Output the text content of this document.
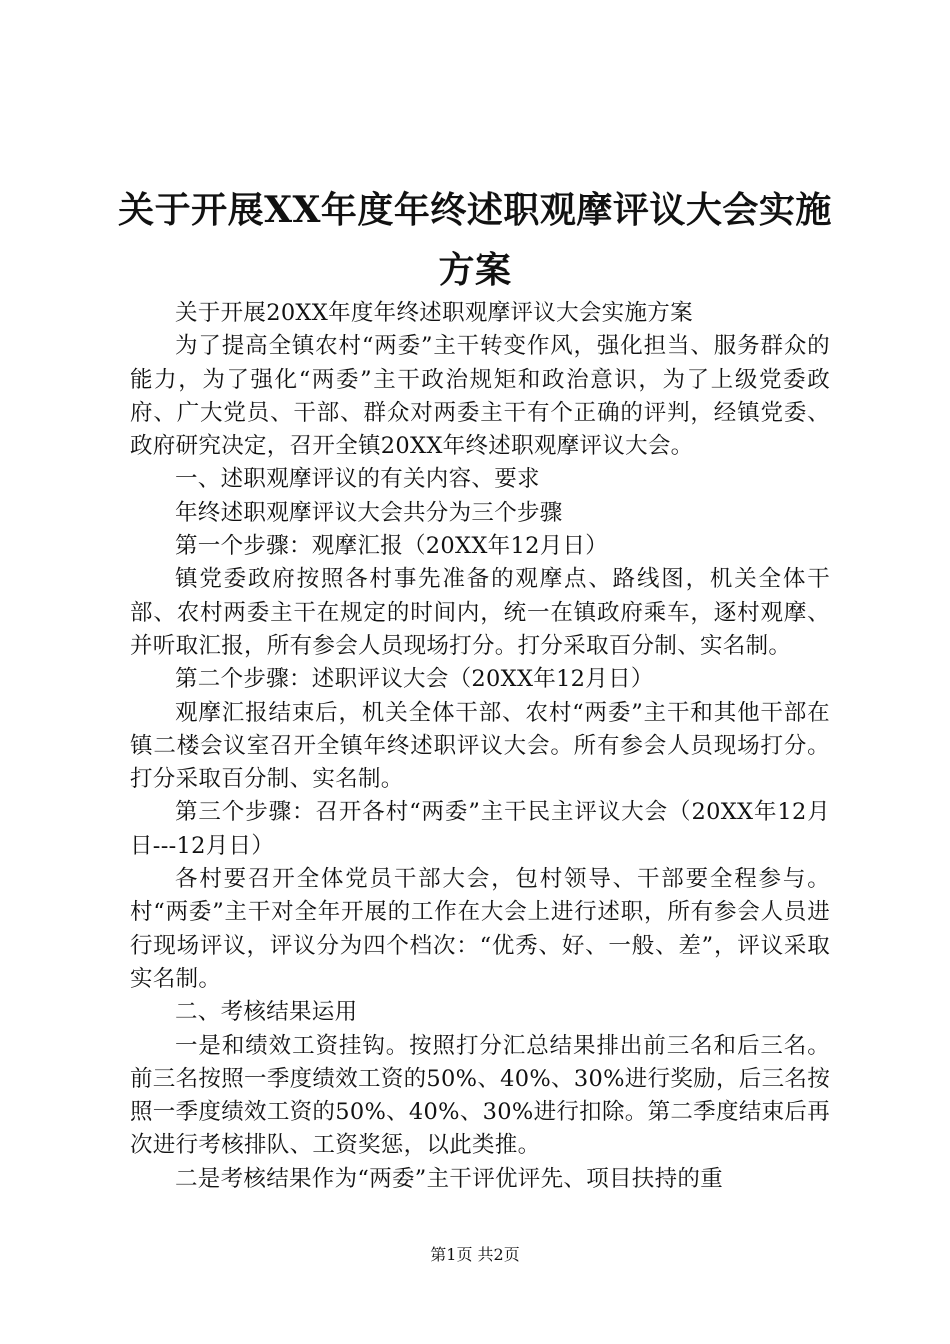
关于开展XX年度年终述职观摩评议大会实施方案

关于开展20XX年度年终述职观摩评议大会实施方案

为了提高全镇农村“两委”主干转变作风，强化担当、服务群众的能力，为了强化“两委”主干政治规矩和政治意识，为了上级党委政府、广大党员、干部、群众对两委主干有个正确的评判，经镇党委、政府研究决定，召开全镇20XX年终述职观摩评议大会。

一、述职观摩评议的有关内容、要求

年终述职观摩评议大会共分为三个步骤

第一个步骤：观摩汇报（20XX年12月日）

镇党委政府按照各村事先准备的观摩点、路线图，机关全体干部、农村两委主干在规定的时间内，统一在镇政府乘车，逐村观摩、并听取汇报，所有参会人员现场打分。打分采取百分制、实名制。

第二个步骤：述职评议大会（20XX年12月日）

观摩汇报结束后，机关全体干部、农村“两委”主干和其他干部在镇二楼会议室召开全镇年终述职评议大会。所有参会人员现场打分。打分采取百分制、实名制。

第三个步骤：召开各村“两委”主干民主评议大会（20XX年12月日---12月日）

各村要召开全体党员干部大会，包村领导、干部要全程参与。村“两委”主干对全年开展的工作在大会上进行述职，所有参会人员进行现场评议，评议分为四个档次：“优秀、好、一般、差”，评议采取实名制。

二、考核结果运用

一是和绩效工资挂钩。按照打分汇总结果排出前三名和后三名。前三名按照一季度绩效工资的50%、40%、30%进行奖励，后三名按照一季度绩效工资的50%、40%、30%进行扣除。第二季度结束后再次进行考核排队、工资奖惩，以此类推。

二是考核结果作为“两委”主干评优评先、项目扶持的重

第1页 共2页
